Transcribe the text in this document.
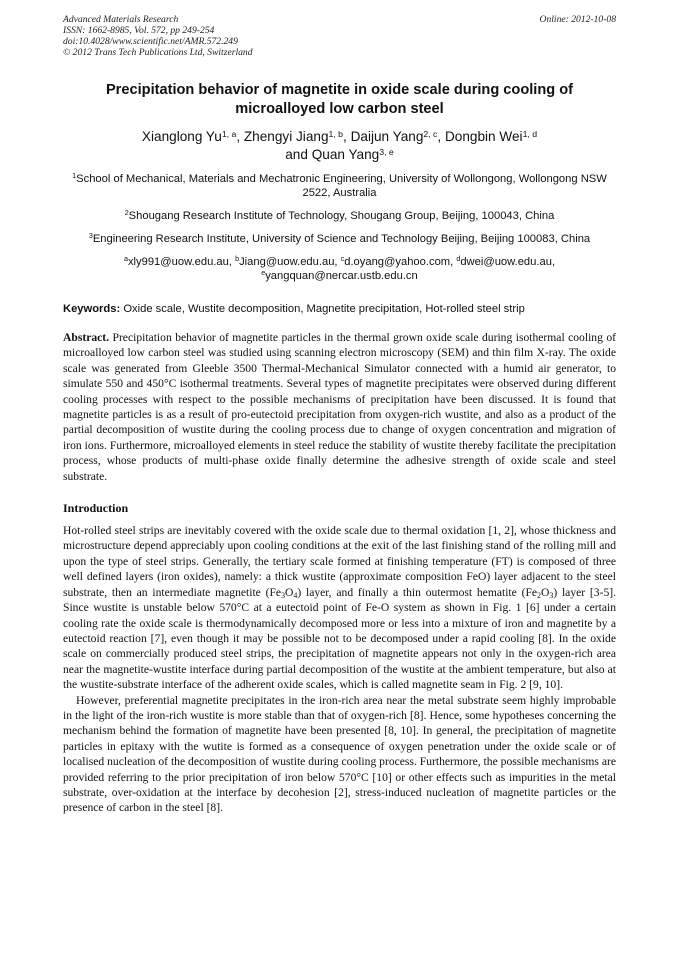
Advanced Materials Research
ISSN: 1662-8985, Vol. 572, pp 249-254
doi:10.4028/www.scientific.net/AMR.572.249
© 2012 Trans Tech Publications Ltd, Switzerland
Online: 2012-10-08
Precipitation behavior of magnetite in oxide scale during cooling of microalloyed low carbon steel
Xianglong Yu$^{1, a}$, Zhengyi Jiang$^{1, b}$, Daijun Yang$^{2, c}$, Dongbin Wei$^{1, d}$
and Quan Yang$^{3, e}$
$^1$School of Mechanical, Materials and Mechatronic Engineering, University of Wollongong, Wollongong NSW 2522, Australia
$^2$Shougang Research Institute of Technology, Shougang Group, Beijing, 100043, China
$^3$Engineering Research Institute, University of Science and Technology Beijing, Beijing 100083, China
$^a$xly991@uow.edu.au, $^b$Jiang@uow.edu.au, $^c$d.oyang@yahoo.com, $^d$dwei@uow.edu.au,
$^e$yangquan@nercar.ustb.edu.cn
Keywords: Oxide scale, Wustite decomposition, Magnetite precipitation, Hot-rolled steel strip
Abstract. Precipitation behavior of magnetite particles in the thermal grown oxide scale during isothermal cooling of microalloyed low carbon steel was studied using scanning electron microscopy (SEM) and thin film X-ray. The oxide scale was generated from Gleeble 3500 Thermal-Mechanical Simulator connected with a humid air generator, to simulate 550 and 450°C isothermal treatments. Several types of magnetite precipitates were observed during different cooling processes with respect to the possible mechanisms of precipitation have been discussed. It is found that magnetite particles is as a result of pro-eutectoid precipitation from oxygen-rich wustite, and also as a product of the partial decomposition of wustite during the cooling process due to change of oxygen concentration and migration of iron ions. Furthermore, microalloyed elements in steel reduce the stability of wustite thereby facilitate the precipitation process, whose products of multi-phase oxide finally determine the adhesive strength of oxide scale and steel substrate.
Introduction
Hot-rolled steel strips are inevitably covered with the oxide scale due to thermal oxidation [1, 2], whose thickness and microstructure depend appreciably upon cooling conditions at the exit of the last finishing stand of the rolling mill and upon the type of steel strips. Generally, the tertiary scale formed at finishing temperature (FT) is composed of three well defined layers (iron oxides), namely: a thick wustite (approximate composition FeO) layer adjacent to the steel substrate, then an intermediate magnetite $(Fe_3O_4)$ layer, and finally a thin outermost hematite $(Fe_2O_3)$ layer [3-5]. Since wustite is unstable below 570°C at a eutectoid point of Fe-O system as shown in Fig. 1 [6] under a certain cooling rate the oxide scale is thermodynamically decomposed more or less into a mixture of iron and magnetite by a eutectoid reaction [7], even though it may be possible not to be decomposed under a rapid cooling [8]. In the oxide scale on commercially produced steel strips, the precipitation of magnetite appears not only in the oxygen-rich area near the magnetite-wustite interface during partial decomposition of the wustite at the ambient temperature, but also at the wustite-substrate interface of the adherent oxide scales, which is called magnetite seam in Fig. 2 [9, 10].
However, preferential magnetite precipitates in the iron-rich area near the metal substrate seem highly improbable in the light of the iron-rich wustite is more stable than that of oxygen-rich [8]. Hence, some hypotheses concerning the mechanism behind the formation of magnetite have been presented [8, 10]. In general, the precipitation of magnetite particles in epitaxy with the wutite is formed as a consequence of oxygen penetration under the oxide scale or of localised nucleation of the decomposition of wustite during cooling process. Furthermore, the possible mechanisms are provided referring to the prior precipitation of iron below 570°C [10] or other effects such as impurities in the metal substrate, over-oxidation at the interface by decohesion [2], stress-induced nucleation of magnetite particles or the presence of carbon in the steel [8].
